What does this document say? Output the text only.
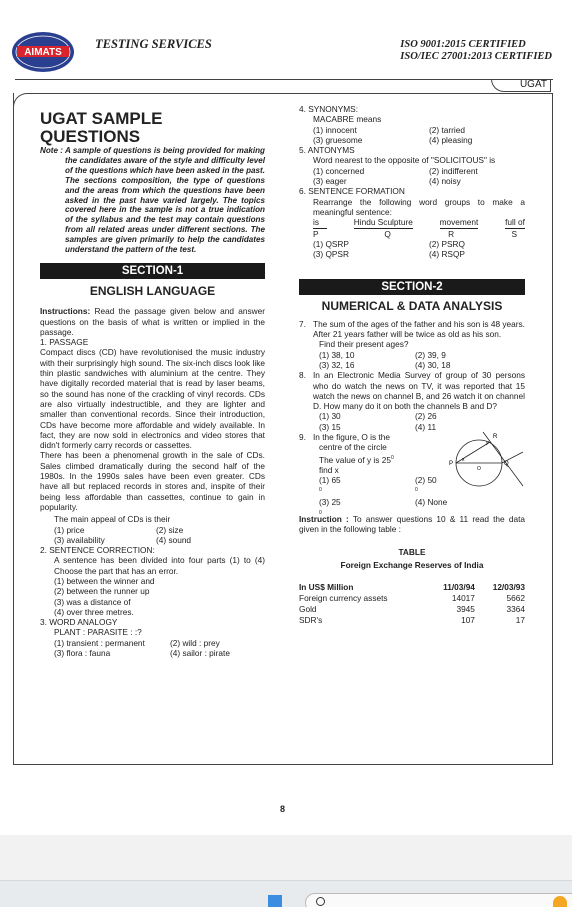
AIMATS
TESTING SERVICES	ISO 9001:2015 CERTIFIED
ISO/IEC 27001:2013 CERTIFIED
UGAT
UGAT SAMPLE QUESTIONS
Note : A sample of questions is being provided for making the candidates aware of the style and difficulty level of the questions which have been asked in the past. The sections composition, the type of questions and the areas from which the questions have been asked in the past have varied largely. The topics covered here in the sample is not a true indication of the syllabus and the test may contain questions from all related areas under different sections. The samples are given primarily to help the candidates understand the pattern of the test.
SECTION-1
ENGLISH LANGUAGE
Instructions: Read the passage given below and answer questions on the basis of what is written or implied in the passage.
1. PASSAGE
Compact discs (CD) have revolutionised the music industry with their surprisingly high sound. The six-inch discs look like thin plastic sandwiches with aluminium at the centre. They have digitally recorded material that is read by laser beams, so the sound has none of the crackling of vinyl records. CDs are also virtually indestructible, and they are lighter and smaller than conventional records. Since their introduction, CDs have become more affordable and widely available. In fact, they are now sold in electronics and video stores that didn't formerly carry records or cassettes.
There has been a phenomenal growth in the sale of CDs. Sales climbed dramatically during the second half of the 1980s. In the 1990s sales have been even greater. CDs have all but replaced records in stores and, inspite of their being less affordable than cassettes, continue to gain in popularity.
The main appeal of CDs is their
(1) price	(2) size
(3) availability	(4) sound
2. SENTENCE CORRECTION:
A sentence has been divided into four parts (1) to (4) Choose the part that has an error.
(1) between the winner and
(2) between the runner up
(3) was a distance of
(4) over three metres.
3. WORD ANALOGY
PLANT : PARASITE : :?
(1) transient : permanent	(2) wild : prey
(3) flora : fauna	(4) sailor : pirate
4. SYNONYMS:
MACABRE means
(1) innocent	(2) tarried
(3) gruesome	(4) pleasing
5. ANTONYMS
Word nearest to the opposite of "SOLICITOUS" is
(1) concerned	(2) indifferent
(3) eager	(4) noisy
6. SENTENCE FORMATION
Rearrange the following word groups to make a meaningful sentence:
is	Hindu Sculpture	movement	full of
P	Q	R	S
(1) QSRP	(2) PSRQ
(3) QPSR	(4) RSQP
SECTION-2
NUMERICAL & DATA ANALYSIS
7. The sum of the ages of the father and his son is 48 years. After 21 years father will be twice as old as his son.
Find their present ages?
(1) 38, 10	(2) 39, 9
(3) 32, 16	(4) 30, 18
8. In an Electronic Media Survey of group of 30 persons who do watch the news on TV, it was reported that 15 watch the news on channel B, and 26 watch it on channel D. How many do it on both the channels B and D?
(1) 30	(2) 26
(3) 15	(4) 11
9. In the figure, O is the
centre of the circle
The value of y is $25^0$
find x
(1) 65
$^0$
(2) 50
$^0$
(3) 25
$^0$
(4) None
R
P	Q
O
x
y
Instruction : To answer questions 10 & 11 read the data given in the following table :
TABLE
Foreign Exchange Reserves of India
In US$ Million	11/03/94	12/03/93
Foreign currency assets	14017	5662
Gold	3945	3364
SDR's	107	17
8
